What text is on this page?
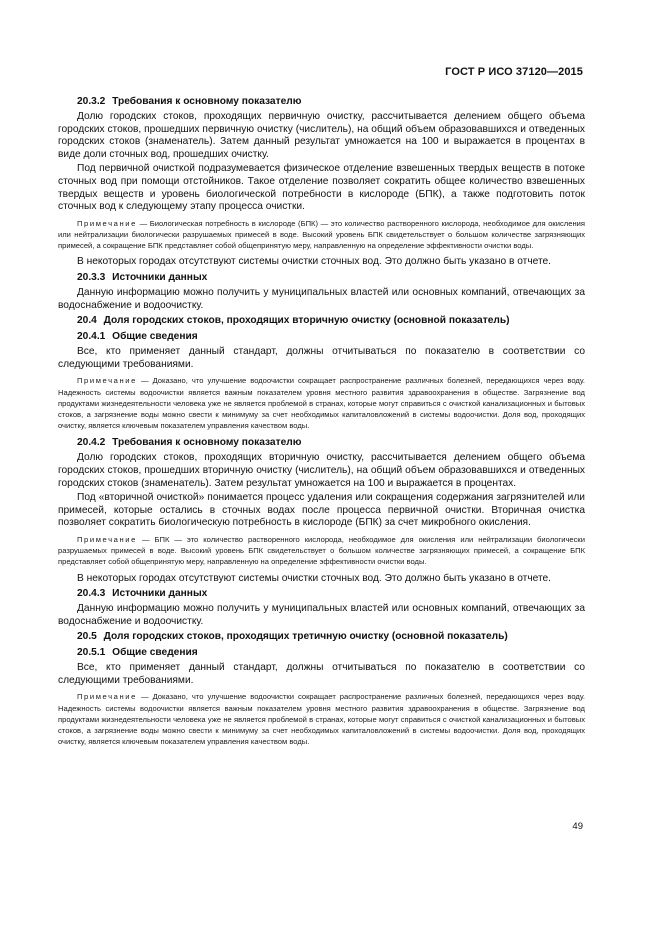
ГОСТ Р ИСО 37120—2015
20.3.2 Требования к основному показателю

Долю городских стоков, проходящих первичную очистку, рассчитывается делением общего объема городских стоков, прошедших первичную очистку (числитель), на общий объем образовавшихся и отведенных городских стоков (знаменатель). Затем данный результат умножается на 100 и выражается в процентах в виде доли сточных вод, прошедших очистку.

Под первичной очисткой подразумевается физическое отделение взвешенных твердых веществ в потоке сточных вод при помощи отстойников. Такое отделение позволяет сократить общее количество взвешенных твердых веществ и уровень биологической потребности в кислороде (БПК), а также подготовить поток сточных вод к следующему этапу процесса очистки.

Примечание — Биологическая потребность в кислороде (БПК) — это количество растворенного кислорода, необходимое для окисления или нейтрализации биологически разрушаемых примесей в воде. Высокий уровень БПК свидетельствует о большом количестве загрязняющих примесей, а сокращение БПК представляет собой общепринятую меру, направленную на определение эффективности очистки воды.

В некоторых городах отсутствуют системы очистки сточных вод. Это должно быть указано в отчете.

20.3.3 Источники данных

Данную информацию можно получить у муниципальных властей или основных компаний, отвечающих за водоснабжение и водоочистку.

20.4 Доля городских стоков, проходящих вторичную очистку (основной показатель)
20.4.1 Общие сведения

Все, кто применяет данный стандарт, должны отчитываться по показателю в соответствии со следующими требованиями.

Примечание — Доказано, что улучшение водоочистки сокращает распространение различных болезней, передающихся через воду. Надежность системы водоочистки является важным показателем уровня местного развития здравоохранения в обществе. Загрязнение вод продуктами жизнедеятельности человека уже не является проблемой в странах, которые могут справиться с очисткой канализационных и бытовых стоков, а загрязнение воды можно свести к минимуму за счет необходимых капиталовложений в системы водоочистки. Доля вод, проходящих очистку, является ключевым показателем управления качеством воды.

20.4.2 Требования к основному показателю

Долю городских стоков, проходящих вторичную очистку, рассчитывается делением общего объема городских стоков, прошедших вторичную очистку (числитель), на общий объем образовавшихся и отведенных городских стоков (знаменатель). Затем результат умножается на 100 и выражается в процентах.

Под «вторичной очисткой» понимается процесс удаления или сокращения содержания загрязнителей или примесей, которые остались в сточных водах после процесса первичной очистки. Вторичная очистка позволяет сократить биологическую потребность в кислороде (БПК) за счет микробного окисления.

Примечание — БПК — это количество растворенного кислорода, необходимое для окисления или нейтрализации биологически разрушаемых примесей в воде. Высокий уровень БПК свидетельствует о большом количестве загрязняющих примесей, а сокращение БПК представляет собой общепринятую меру, направленную на определение эффективности очистки воды.

В некоторых городах отсутствуют системы очистки сточных вод. Это должно быть указано в отчете.

20.4.3 Источники данных

Данную информацию можно получить у муниципальных властей или основных компаний, отвечающих за водоснабжение и водоочистку.

20.5 Доля городских стоков, проходящих третичную очистку (основной показатель)
20.5.1 Общие сведения

Все, кто применяет данный стандарт, должны отчитываться по показателю в соответствии со следующими требованиями.

Примечание — Доказано, что улучшение водоочистки сокращает распространение различных болезней, передающихся через воду. Надежность системы водоочистки является важным показателем уровня местного развития здравоохранения в обществе. Загрязнение вод продуктами жизнедеятельности человека уже не является проблемой в странах, которые могут справиться с очисткой канализационных и бытовых стоков, а загрязнение воды можно свести к минимуму за счет необходимых капиталовложений в системы водоочистки. Доля вод, проходящих очистку, является ключевым показателем управления качеством воды.

49
